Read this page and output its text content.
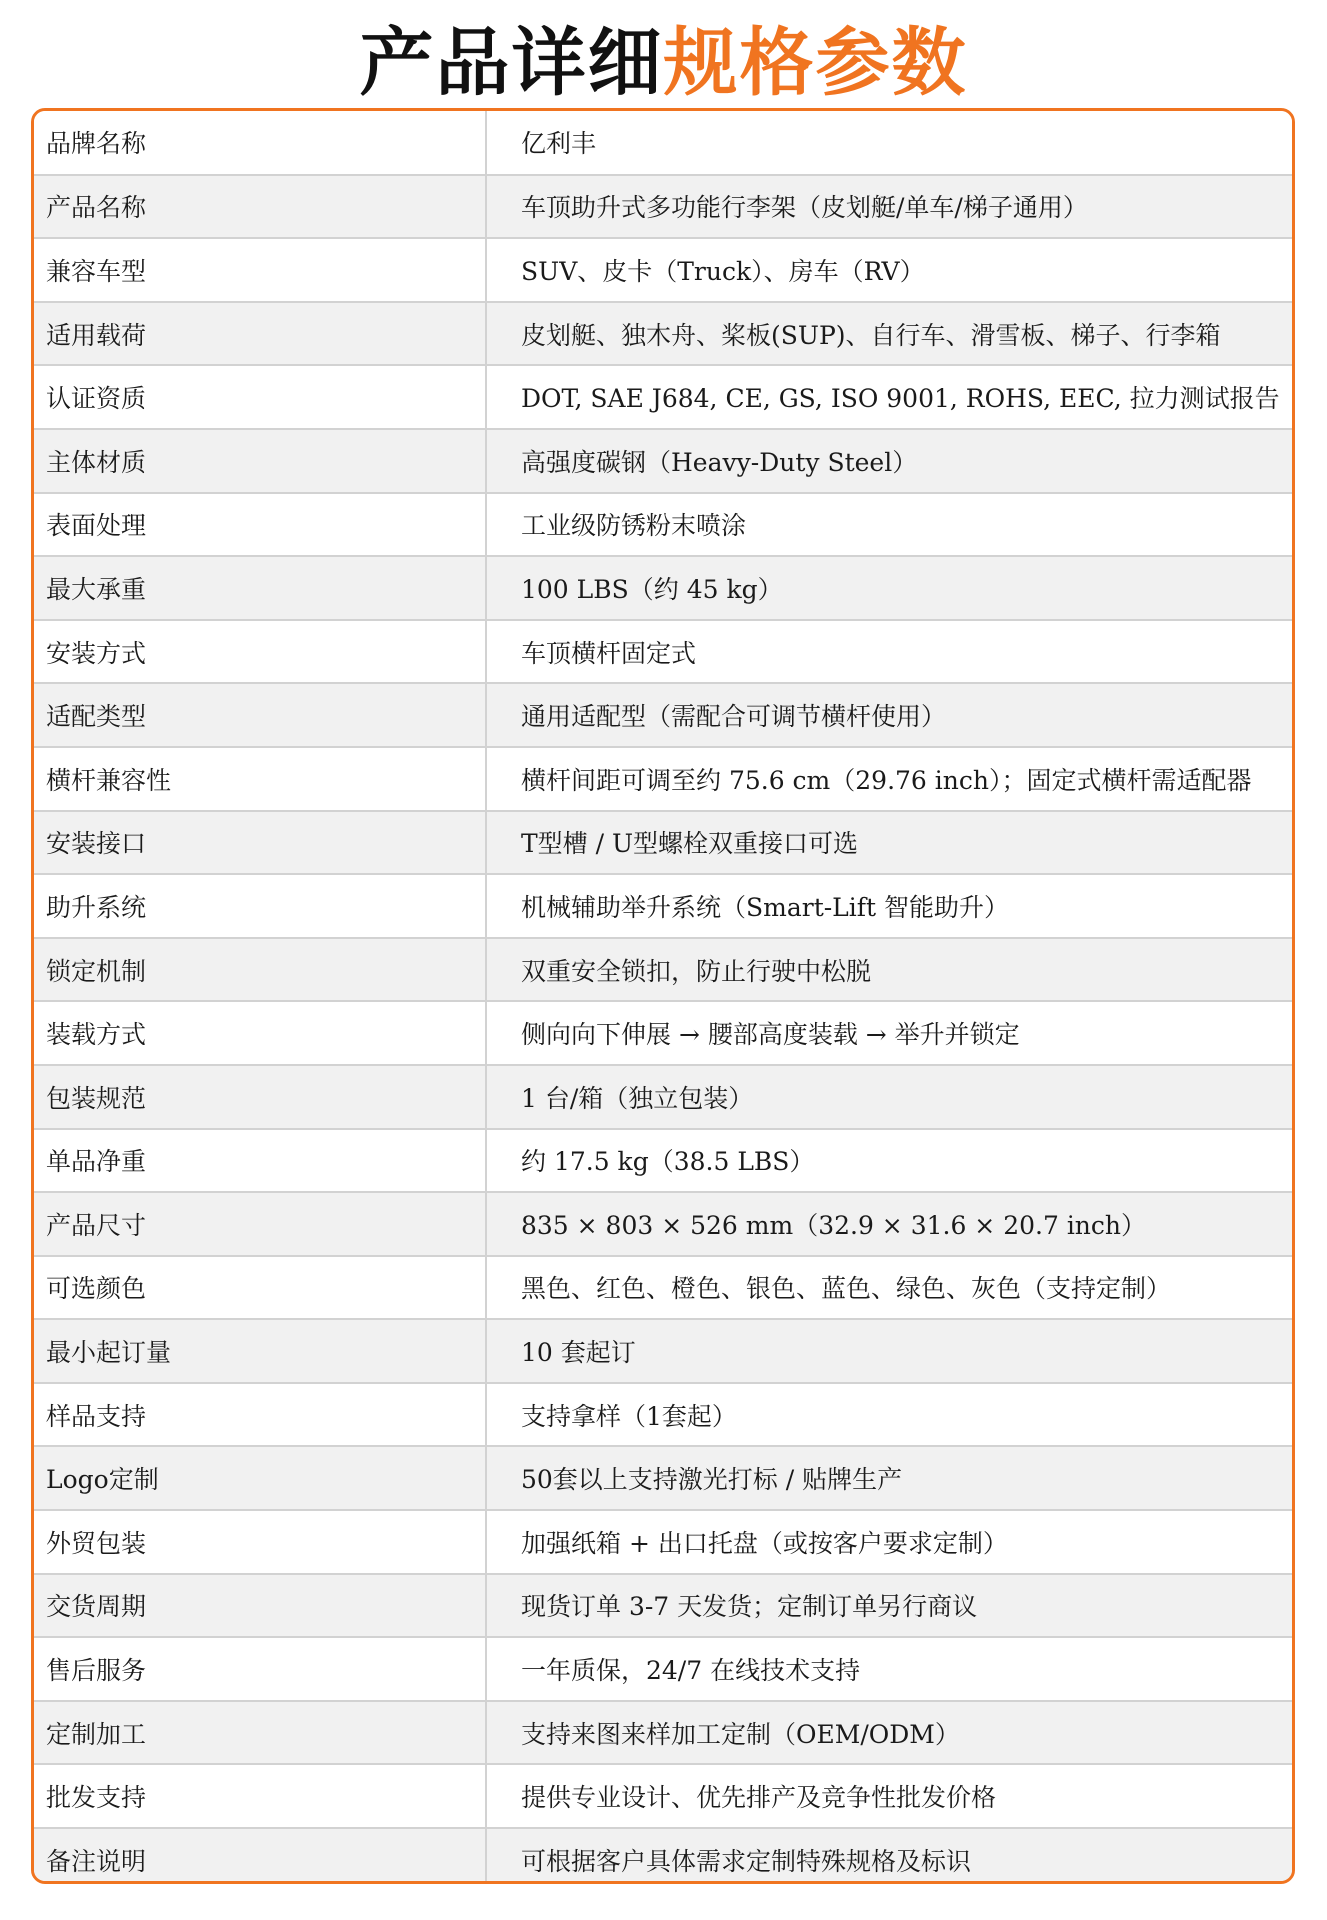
产品详细规格参数
品牌名称	亿利丰
产品名称	车顶助升式多功能行李架（皮划艇/单车/梯子通用）
兼容车型	SUV、皮卡（Truck）、房车（RV）
适用载荷	皮划艇、独木舟、桨板(SUP)、自行车、滑雪板、梯子、行李箱
认证资质	DOT, SAE J684, CE, GS, ISO 9001, ROHS, EEC, 拉力测试报告
主体材质	高强度碳钢（Heavy-Duty Steel）
表面处理	工业级防锈粉末喷涂
最大承重	100 LBS（约 45 kg）
安装方式	车顶横杆固定式
适配类型	通用适配型（需配合可调节横杆使用）
横杆兼容性	横杆间距可调至约 75.6 cm（29.76 inch）；固定式横杆需适配器
安装接口	T型槽 / U型螺栓双重接口可选
助升系统	机械辅助举升系统（Smart-Lift 智能助升）
锁定机制	双重安全锁扣，防止行驶中松脱
装载方式	侧向向下伸展 → 腰部高度装载 → 举升并锁定
包装规范	1 台/箱（独立包装）
单品净重	约 17.5 kg（38.5 LBS）
产品尺寸	835 × 803 × 526 mm（32.9 × 31.6 × 20.7 inch）
可选颜色	黑色、红色、橙色、银色、蓝色、绿色、灰色（支持定制）
最小起订量	10 套起订
样品支持	支持拿样（1套起）
Logo定制	50套以上支持激光打标 / 贴牌生产
外贸包装	加强纸箱 + 出口托盘（或按客户要求定制）
交货周期	现货订单 3-7 天发货；定制订单另行商议
售后服务	一年质保，24/7 在线技术支持
定制加工	支持来图来样加工定制（OEM/ODM）
批发支持	提供专业设计、优先排产及竞争性批发价格
备注说明	可根据客户具体需求定制特殊规格及标识
